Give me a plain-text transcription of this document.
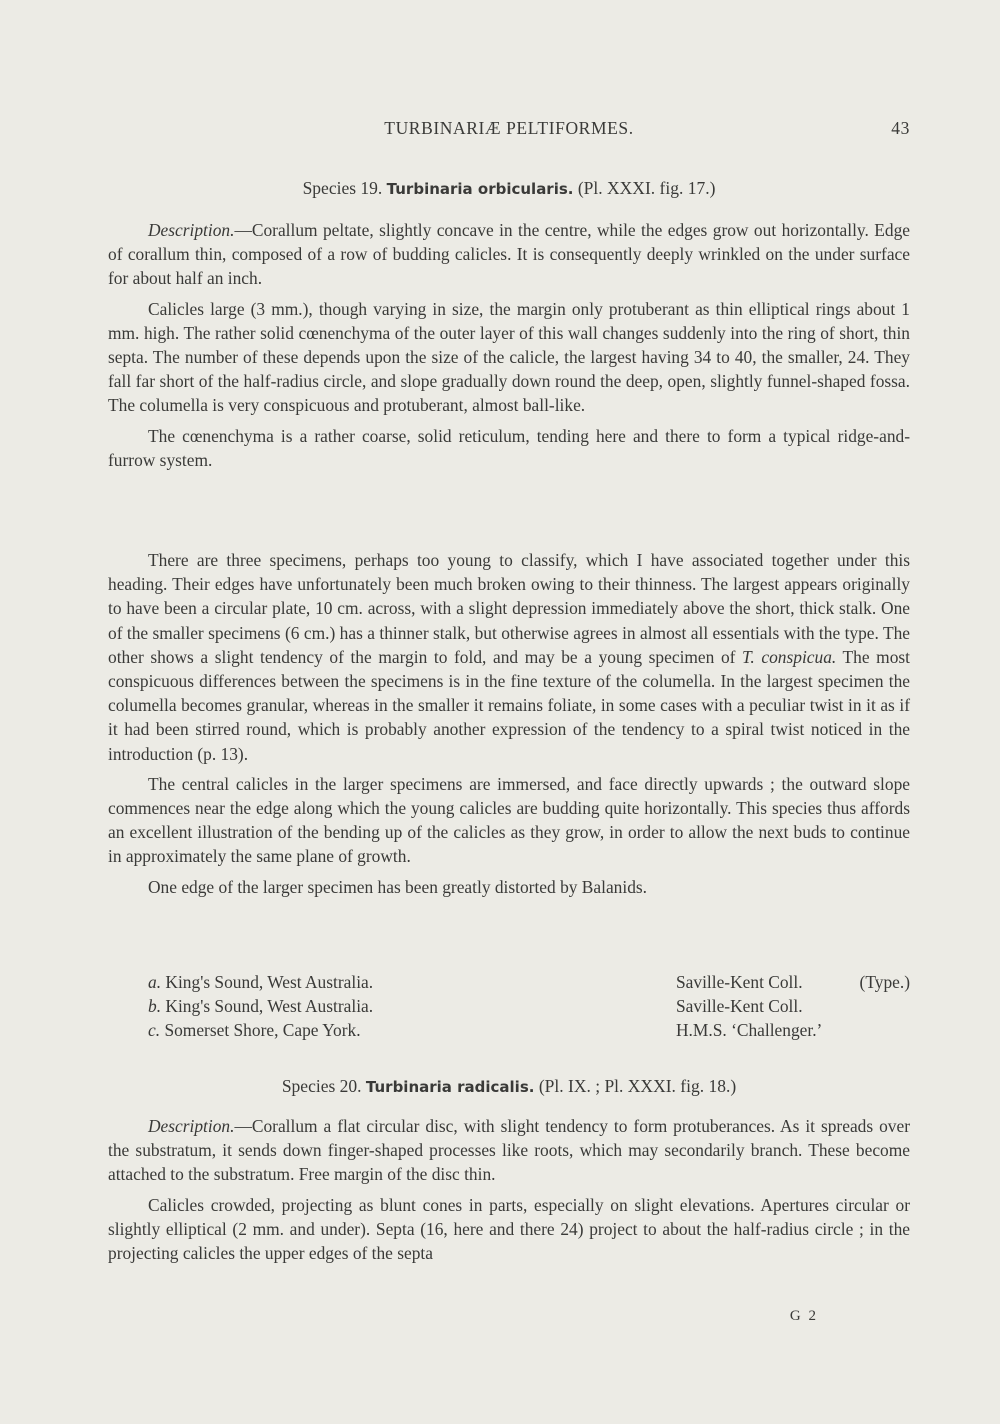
TURBINARIÆ PELTIFORMES.	43
Species 19. Turbinaria orbicularis. (Pl. XXXI. fig. 17.)

Description.—Corallum peltate, slightly concave in the centre, while the edges grow out horizontally. Edge of corallum thin, composed of a row of budding calicles. It is consequently deeply wrinkled on the under surface for about half an inch.

Calicles large (3 mm.), though varying in size, the margin only protuberant as thin elliptical rings about 1 mm. high. The rather solid cœnenchyma of the outer layer of this wall changes suddenly into the ring of short, thin septa. The number of these depends upon the size of the calicle, the largest having 34 to 40, the smaller, 24. They fall far short of the half-radius circle, and slope gradually down round the deep, open, slightly funnel-shaped fossa. The columella is very conspicuous and protuberant, almost ball-like.

The cœnenchyma is a rather coarse, solid reticulum, tending here and there to form a typical ridge-and-furrow system.

There are three specimens, perhaps too young to classify, which I have associated together under this heading. Their edges have unfortunately been much broken owing to their thinness. The largest appears originally to have been a circular plate, 10 cm. across, with a slight depression immediately above the short, thick stalk. One of the smaller specimens (6 cm.) has a thinner stalk, but otherwise agrees in almost all essentials with the type. The other shows a slight tendency of the margin to fold, and may be a young specimen of T. conspicua. The most conspicuous differences between the specimens is in the fine texture of the columella. In the largest specimen the columella becomes granular, whereas in the smaller it remains foliate, in some cases with a peculiar twist in it as if it had been stirred round, which is probably another expression of the tendency to a spiral twist noticed in the introduction (p. 13).

The central calicles in the larger specimens are immersed, and face directly upwards ; the outward slope commences near the edge along which the young calicles are budding quite horizontally. This species thus affords an excellent illustration of the bending up of the calicles as they grow, in order to allow the next buds to continue in approximately the same plane of growth.

One edge of the larger specimen has been greatly distorted by Balanids.

a. King's Sound, West Australia.	Saville-Kent Coll.	(Type.)
b. King's Sound, West Australia.	Saville-Kent Coll.
c. Somerset Shore, Cape York.	H.M.S. ‘Challenger.’
Species 20. Turbinaria radicalis. (Pl. IX. ; Pl. XXXI. fig. 18.)

Description.—Corallum a flat circular disc, with slight tendency to form protuberances. As it spreads over the substratum, it sends down finger-shaped processes like roots, which may secondarily branch. These become attached to the substratum. Free margin of the disc thin.

Calicles crowded, projecting as blunt cones in parts, especially on slight elevations. Apertures circular or slightly elliptical (2 mm. and under). Septa (16, here and there 24) project to about the half-radius circle ; in the projecting calicles the upper edges of the septa

G 2
